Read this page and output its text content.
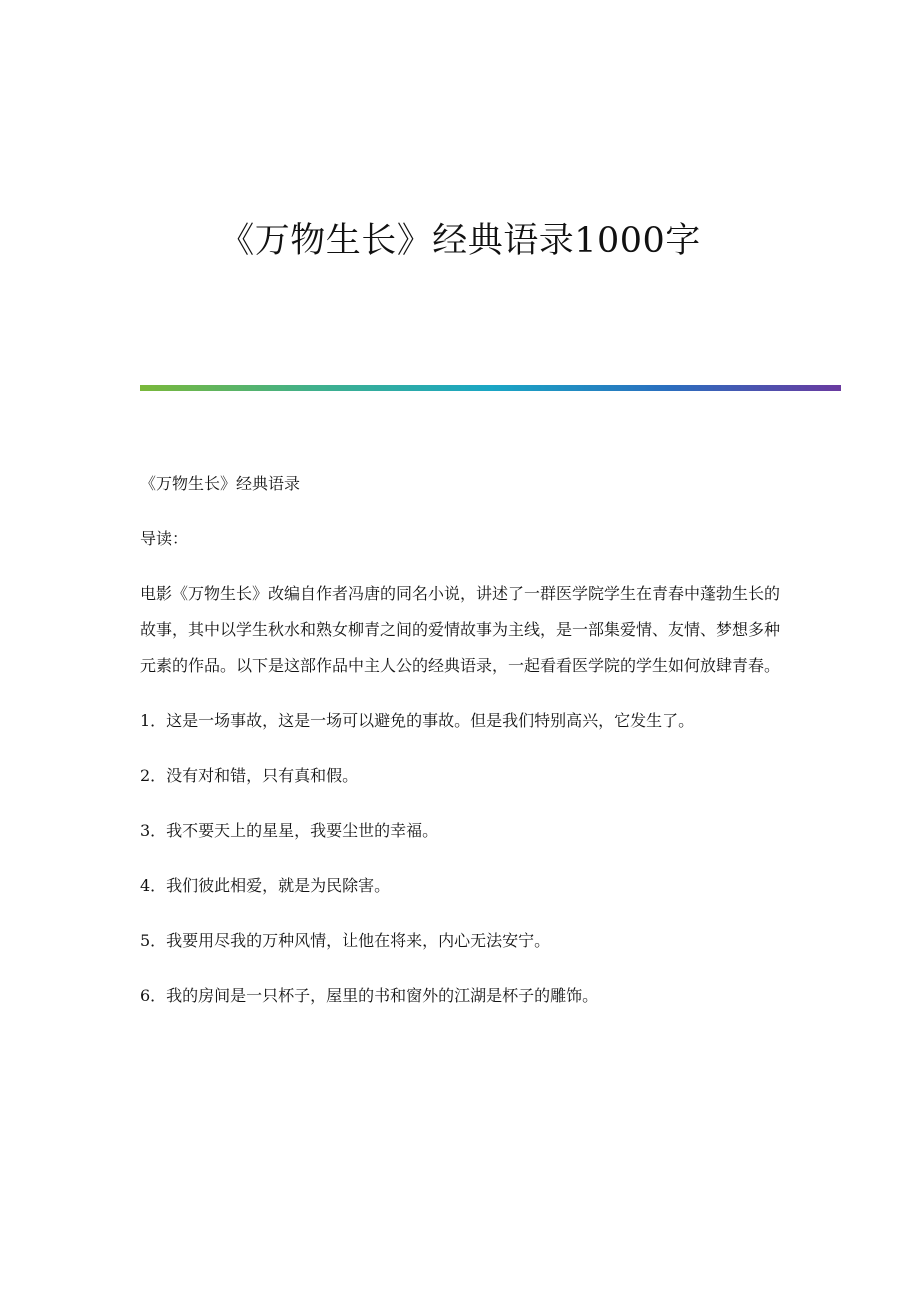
《万物生长》经典语录1000字

《万物生长》经典语录

导读：

电影《万物生长》改编自作者冯唐的同名小说，讲述了一群医学院学生在青春中蓬勃生长的故事，其中以学生秋水和熟女柳青之间的爱情故事为主线，是一部集爱情、友情、梦想多种元素的作品。以下是这部作品中主人公的经典语录，一起看看医学院的学生如何放肆青春。

1．这是一场事故，这是一场可以避免的事故。但是我们特别高兴，它发生了。

2．没有对和错，只有真和假。

3．我不要天上的星星，我要尘世的幸福。

4．我们彼此相爱，就是为民除害。

5．我要用尽我的万种风情，让他在将来，内心无法安宁。

6．我的房间是一只杯子，屋里的书和窗外的江湖是杯子的雕饰。
